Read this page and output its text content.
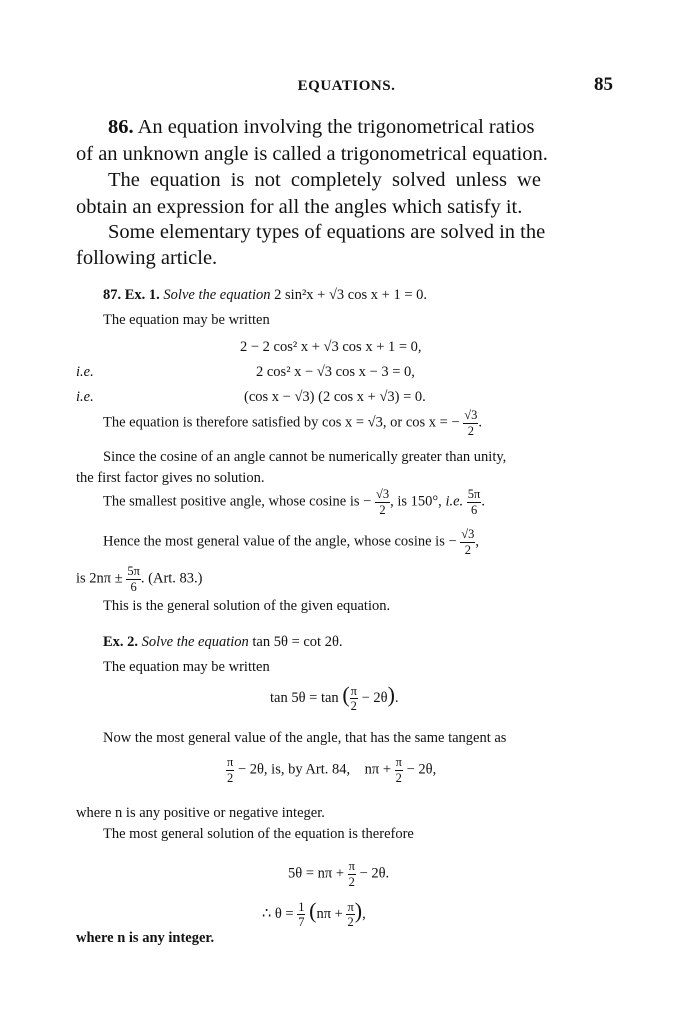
EQUATIONS.	85
86. An equation involving the trigonometrical ratios
of an unknown angle is called a trigonometrical equation.
The equation is not completely solved unless we
obtain an expression for all the angles which satisfy it.
Some elementary types of equations are solved in the
following article.
87. Ex. 1. Solve the equation 2 sin²x + √3 cos x + 1 = 0.
The equation may be written
2 − 2 cos² x + √3 cos x + 1 = 0,
i.e.	2 cos² x − √3 cos x − 3 = 0,
i.e.	(cos x − √3) (2 cos x + √3) = 0.
The equation is therefore satisfied by cos x = √3, or cos x = − $\frac{√3}{2}$ .
Since the cosine of an angle cannot be numerically greater than unity,
the first factor gives no solution.
The smallest positive angle, whose cosine is − $\frac{√3}{2}$ , is 150°, i.e. $\frac{5\pi}{6}$ .
Hence the most general value of the angle, whose cosine is − $\frac{√3}{2}$ ,
is $2n\pi \pm \frac{5\pi}{6}$ . (Art. 83.)
This is the general solution of the given equation.
Ex. 2. Solve the equation tan 5θ = cot 2θ.
The equation may be written
tan 5θ = tan ( $\frac{\pi}{2} - 2\theta$).
Now the most general value of the angle, that has the same tangent as
$\frac{\pi}{2} - 2\theta$, is, by Art. 84, $n\pi + \frac{\pi}{2} - 2\theta$,
where n is any positive or negative integer.
The most general solution of the equation is therefore
$5\theta = n\pi + \frac{\pi}{2} - 2\theta$.
∴ $\theta = \frac{1}{7} (n\pi + \frac{\pi}{2}$ ),
where n is any integer.
